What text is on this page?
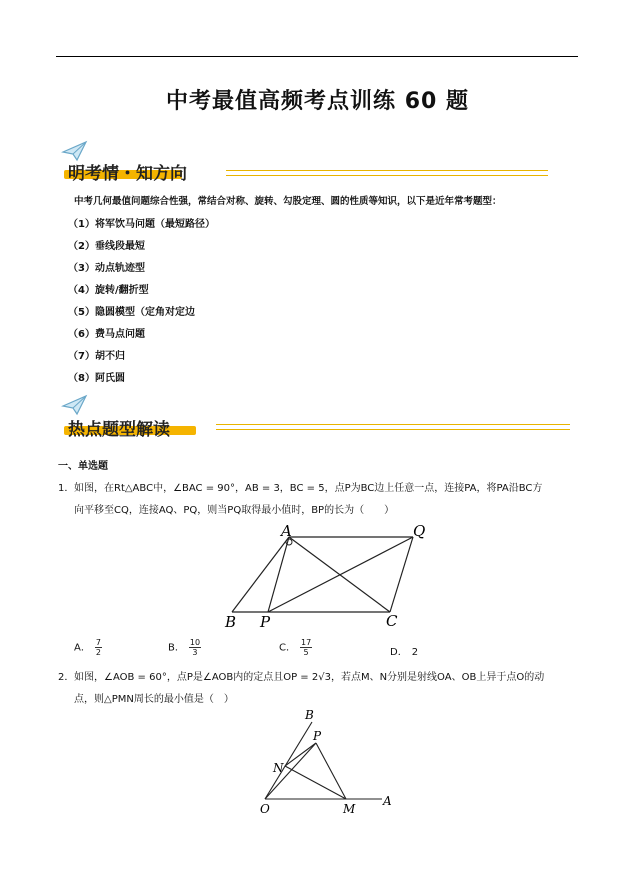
中考最值高频考点训练 60 题
明考情・知方向
中考几何最值问题综合性强，常结合对称、旋转、勾股定理、圆的性质等知识，以下是近年常考题型：
（1）将军饮马问题（最短路径）
（2）垂线段最短
（3）动点轨迹型
（4）旋转/翻折型
（5）隐圆模型（定角对定边
（6）费马点问题
（7）胡不归
（8）阿氏圆
热点题型解读
一、单选题
1． 如图，在Rt△ABC中，∠BAC = 90°，AB = 3，BC = 5，点P为BC边上任意一点，连接PA，将PA沿BC方
向平移至CQ，连接AQ、PQ，则当PQ取得最小值时，BP的长为（　　）
A	Q
B P	C
A． $\frac{7}{2}$	B． $\frac{10}{3}$	C． $\frac{17}{5}$	D． 2
2． 如图，∠AOB = 60°，点P是∠AOB内的定点且OP = 2√3，若点M、N分别是射线OA、OB上异于点O的动
点，则△PMN周长的最小值是（　）
B
P
N
O	M
A
